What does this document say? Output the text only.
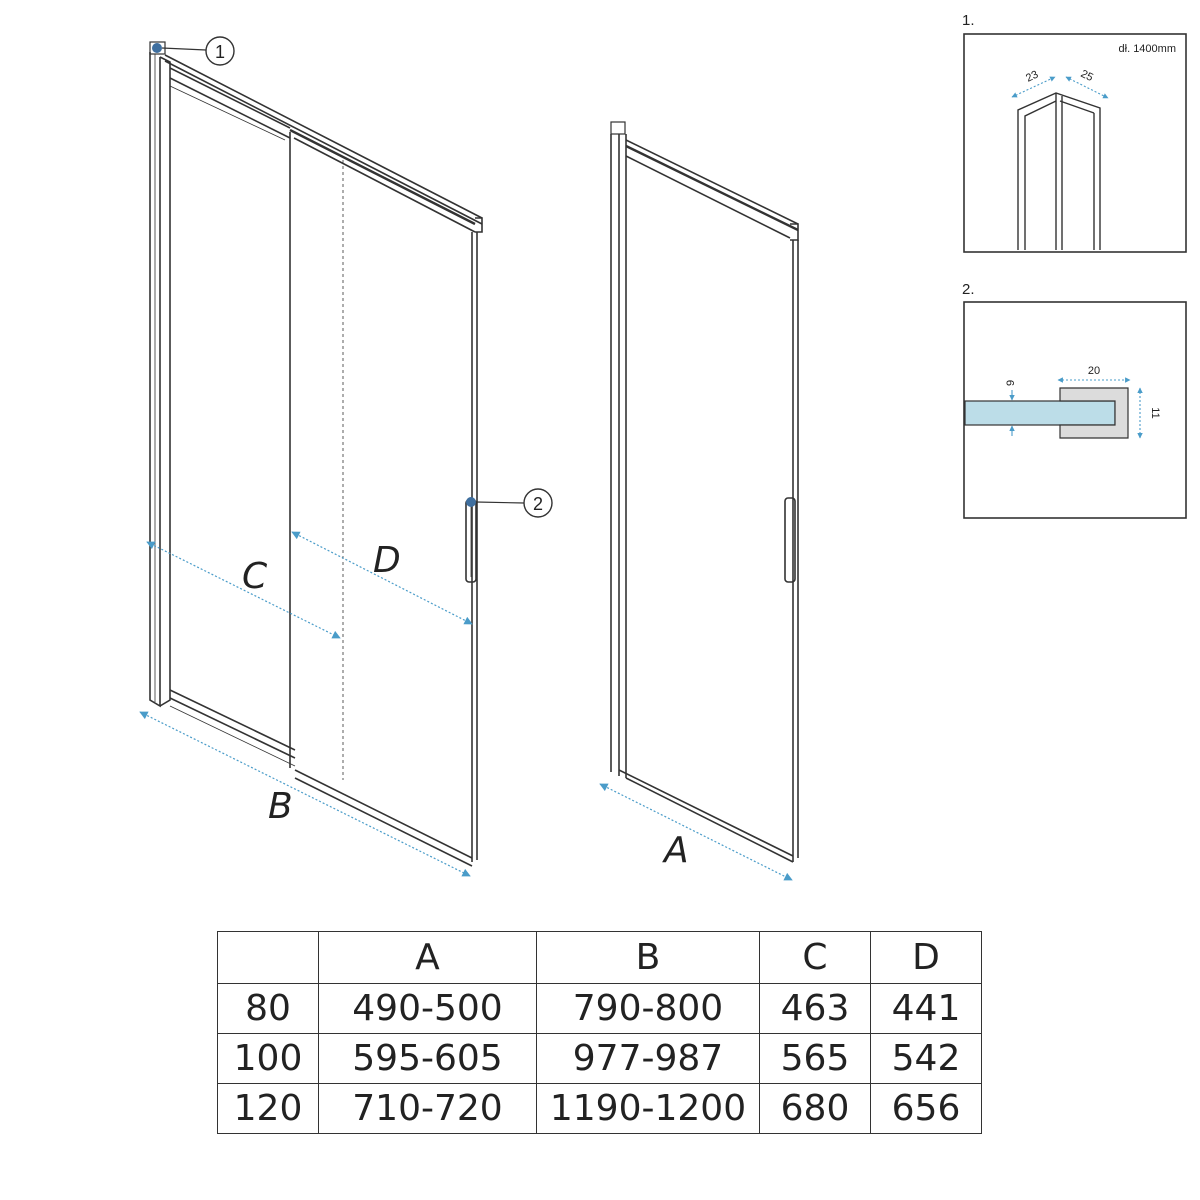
C	D
B
1
2
A
1.
dł. 1400mm
23	25
2.
9
20
11
	A	B	C	D
80	490-500	790-800	463	441
100	595-605	977-987	565	542
120	710-720	1190-1200	680	656
